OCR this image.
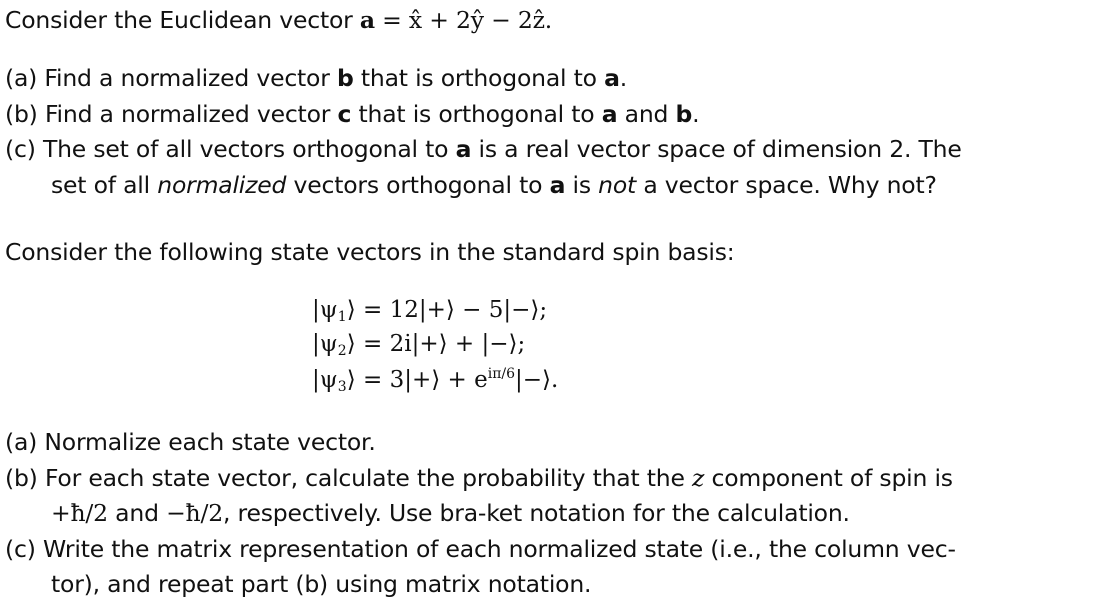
Consider the Euclidean vector a = x̂ + 2ŷ − 2ẑ.
(a) Find a normalized vector b that is orthogonal to a.
(b) Find a normalized vector c that is orthogonal to a and b.
(c) The set of all vectors orthogonal to a is a real vector space of dimension 2. The
set of all normalized vectors orthogonal to a is not a vector space. Why not?
Consider the following state vectors in the standard spin basis:
$|\psi_1⟩$ = 12|+⟩ − 5|−⟩;
$|\psi_2⟩$ = 2i|+⟩ + |−⟩;
$|\psi_3⟩$ = 3|+⟩ + $e^{i\pi/6}|-⟩$.
(a) Normalize each state vector.
(b) For each state vector, calculate the probability that the z component of spin is
+ħ/2 and −ħ/2, respectively. Use bra-ket notation for the calculation.
(c) Write the matrix representation of each normalized state (i.e., the column vec-
tor), and repeat part (b) using matrix notation.
